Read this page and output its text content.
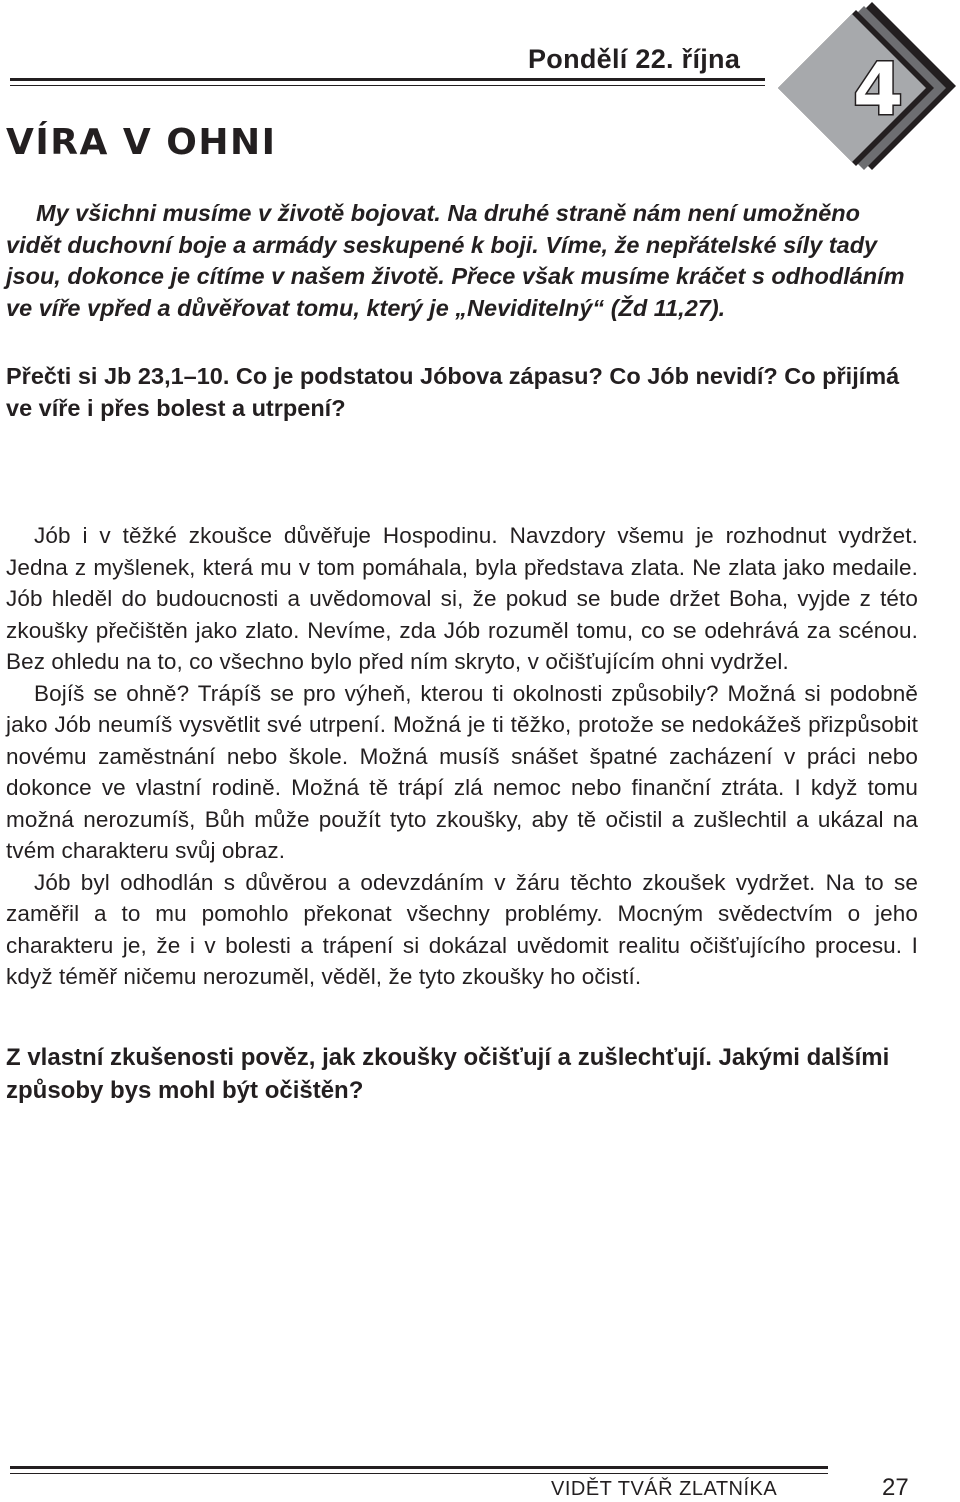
Pondělí 22. října 4
VÍRA V OHNI

My všichni musíme v životě bojovat. Na druhé straně nám není umožněno

vidět duchovní boje a armády seskupené k boji. Víme, že nepřátelské síly tady

jsou, dokonce je cítíme v našem životě. Přece však musíme kráčet s odhodláním

ve víře vpřed a důvěřovat tomu, který je „Neviditelný“ (Žd 11,27).

Přečti si Jb 23,1–10. Co je podstatou Jóbova zápasu? Co Jób nevidí? Co přijímá
ve víře i přes bolest a utrpení?

Jób i v těžké zkoušce důvěřuje Hospodinu. Navzdory všemu je rozhodnut vydržet. Jedna z myšlenek, která mu v tom pomáhala, byla představa zlata. Ne zlata jako medaile. Jób hleděl do budoucnosti a uvědomoval si, že pokud se bude držet Boha, vyjde z této zkoušky přečištěn jako zlato. Nevíme, zda Jób rozuměl tomu, co se odehrává za scénou. Bez ohledu na to, co všechno bylo před ním skryto, v očišťujícím ohni vydržel.

Bojíš se ohně? Trápíš se pro výheň, kterou ti okolnosti způsobily? Možná si podobně jako Jób neumíš vysvětlit své utrpení. Možná je ti těžko, protože se nedokážeš přizpůsobit novému zaměstnání nebo škole. Možná musíš snášet špatné zacházení v práci nebo dokonce ve vlastní rodině. Možná tě trápí zlá nemoc nebo finanční ztráta. I když tomu možná nerozumíš, Bůh může použít tyto zkoušky, aby tě očistil a zušlechtil a ukázal na tvém charakteru svůj obraz.

Jób byl odhodlán s důvěrou a odevzdáním v žáru těchto zkoušek vydržet. Na to se zaměřil a to mu pomohlo překonat všechny problémy. Mocným svědectvím o jeho charakteru je, že i v bolesti a trápení si dokázal uvědomit realitu očišťujícího procesu. I když téměř ničemu nerozuměl, věděl, že tyto zkoušky ho očistí.

Z vlastní zkušenosti pověz, jak zkoušky očišťují a zušlechťují. Jakými dalšími způsoby bys mohl být očištěn?
VIDĚT TVÁŘ ZLATNÍKA	27
